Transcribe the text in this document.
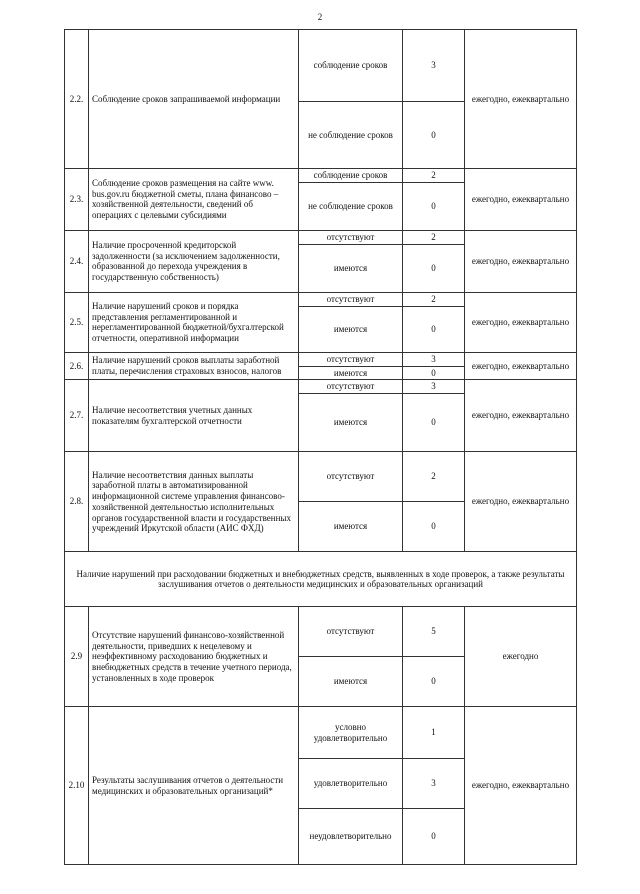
2
2.2.	Соблюдение сроков запрашиваемой информации	соблюдение сроков	3	ежегодно, ежеквартально
		не соблюдение сроков	0	
2.3.	Соблюдение сроков размещения на сайте www. bus.gov.ru бюджетной сметы, плана финансово – хозяйственной деятельности, сведений об операциях с целевыми субсидиями	соблюдение сроков	2	ежегодно, ежеквартально
		не соблюдение сроков	0	
2.4.	Наличие просроченной кредиторской задолженности (за исключением задолженности, образованной до перехода учреждения в государственную собственность)	отсутствуют	2	ежегодно, ежеквартально
		имеются	0	
2.5.	Наличие нарушений сроков и порядка представления регламентированной и нерегламентированной бюджетной/бухгалтерской отчетности, оперативной информации	отсутствуют	2	ежегодно, ежеквартально
		имеются	0	
2.6.	Наличие нарушений сроков выплаты заработной платы, перечисления страховых взносов, налогов	отсутствуют	3	ежегодно, ежеквартально
		имеются	0	
2.7.	Наличие несоответствия учетных данных показателям бухгалтерской отчетности	отсутствуют	3	ежегодно, ежеквартально
		имеются	0	
2.8.	Наличие несоответствия данных выплаты заработной платы в автоматизированной информационной системе управления финансово-хозяйственной деятельностью исполнительных органов государственной власти и государственных учреждений Иркутской области (АИС ФХД)	отсутствуют	2	ежегодно, ежеквартально
		имеются	0	
Наличие нарушений при расходовании бюджетных и внебюджетных средств, выявленных в ходе проверок, а также результаты заслушивания отчетов о деятельности медицинских и образовательных организаций				
2.9	Отсутствие нарушений финансово-хозяйственной деятельности, приведших к нецелевому и неэффективному расходованию бюджетных и внебюджетных средств в течение учетного периода, установленных в ходе проверок	отсутствуют	5	ежегодно
		имеются	0	
2.10	Результаты заслушивания отчетов о деятельности медицинских и образовательных организаций*	условно удовлетворительно	1	ежегодно, ежеквартально
		удовлетворительно	3	
		неудовлетворительно	0	
